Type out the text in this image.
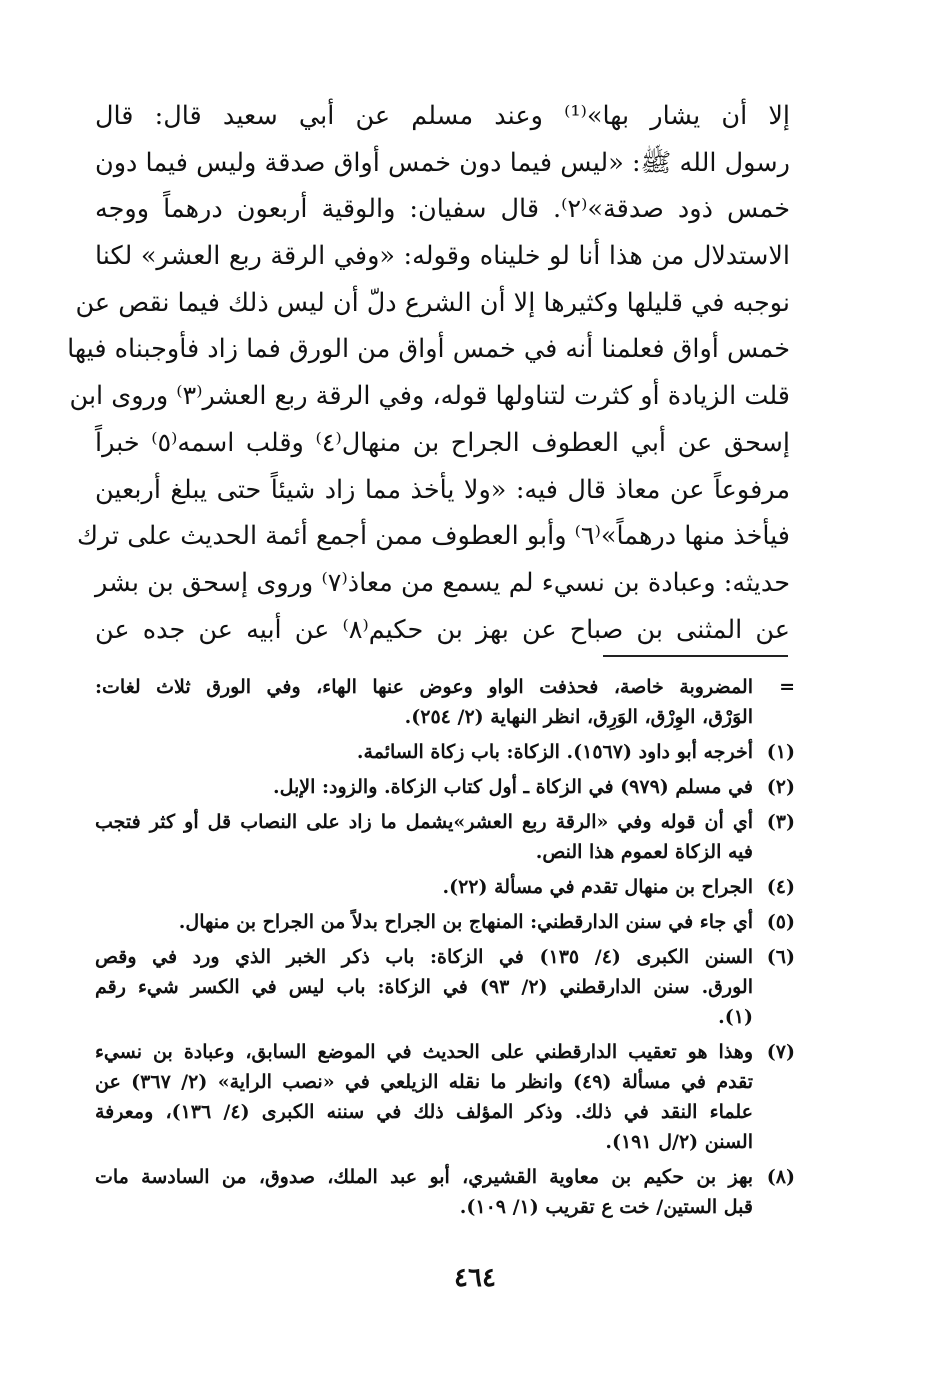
إلا أن يشار بها»⁽¹⁾ وعند مسلم عن أبي سعيد قال: قال
رسول الله ﷺ: «ليس فيما دون خمس أواق صدقة وليس فيما دون
خمس ذود صدقة»⁽٢⁾. قال سفيان: والوقية أربعون درهماً ووجه
الاستدلال من هذا أنا لو خليناه وقوله: «وفي الرقة ربع العشر» لكنا
نوجبه في قليلها وكثيرها إلا أن الشرع دلّ أن ليس ذلك فيما نقص عن
خمس أواق فعلمنا أنه في خمس أواق من الورق فما زاد فأوجبناه فيها
قلت الزيادة أو كثرت لتناولها قوله، وفي الرقة ربع العشر⁽٣⁾ وروى ابن
إسحق عن أبي العطوف الجراح بن منهال⁽٤⁾ وقلب اسمه⁽٥⁾ خبراً
مرفوعاً عن معاذ قال فيه: «ولا يأخذ مما زاد شيئاً حتى يبلغ أربعين
فيأخذ منها درهماً»⁽٦⁾ وأبو العطوف ممن أجمع أئمة الحديث على ترك
حديثه: وعبادة بن نسيء لم يسمع من معاذ⁽٧⁾ وروى إسحق بن بشر
عن المثنى بن صباح عن بهز بن حكيم⁽٨⁾ عن أبيه عن جده عن
=
المضروبة خاصة، فحذفت الواو وعوض عنها الهاء، وفي الورق ثلاث لغات:
الوَرْق، الوِرْق، الوَرِق، انظر النهاية (٢/ ٢٥٤).
(١)
أخرجه أبو داود (١٥٦٧). الزكاة: باب زكاة السائمة.
(٢)
في مسلم (٩٧٩) في الزكاة ـ أول كتاب الزكاة. والزود: الإبل.
(٣)
أي أن قوله وفي «الرقة ربع العشر»يشمل ما زاد على النصاب قل أو كثر فتجب
فيه الزكاة لعموم هذا النص.
(٤)
الجراح بن منهال تقدم في مسألة (٢٢).
(٥)
أي جاء في سنن الدارقطني: المنهاج بن الجراح بدلاً من الجراح بن منهال.
(٦)
السنن الكبرى (٤/ ١٣٥) في الزكاة: باب ذكر الخبر الذي ورد في وقص
الورق. سنن الدارقطني (٢/ ٩٣) في الزكاة: باب ليس في الكسر شيء رقم
(١).
(٧)
وهذا هو تعقيب الدارقطني على الحديث في الموضع السابق، وعبادة بن نسيء
تقدم في مسألة (٤٩) وانظر ما نقله الزيلعي في «نصب الراية» (٢/ ٣٦٧) عن
علماء النقد في ذلك. وذكر المؤلف ذلك في سننه الكبرى (٤/ ١٣٦)، ومعرفة
السنن (٢/ل ١٩١).
(٨)
بهز بن حكيم بن معاوية القشيري، أبو عبد الملك، صدوق، من السادسة مات
قبل الستين/ خت ع تقريب (١/ ١٠٩).
٤٦٤
